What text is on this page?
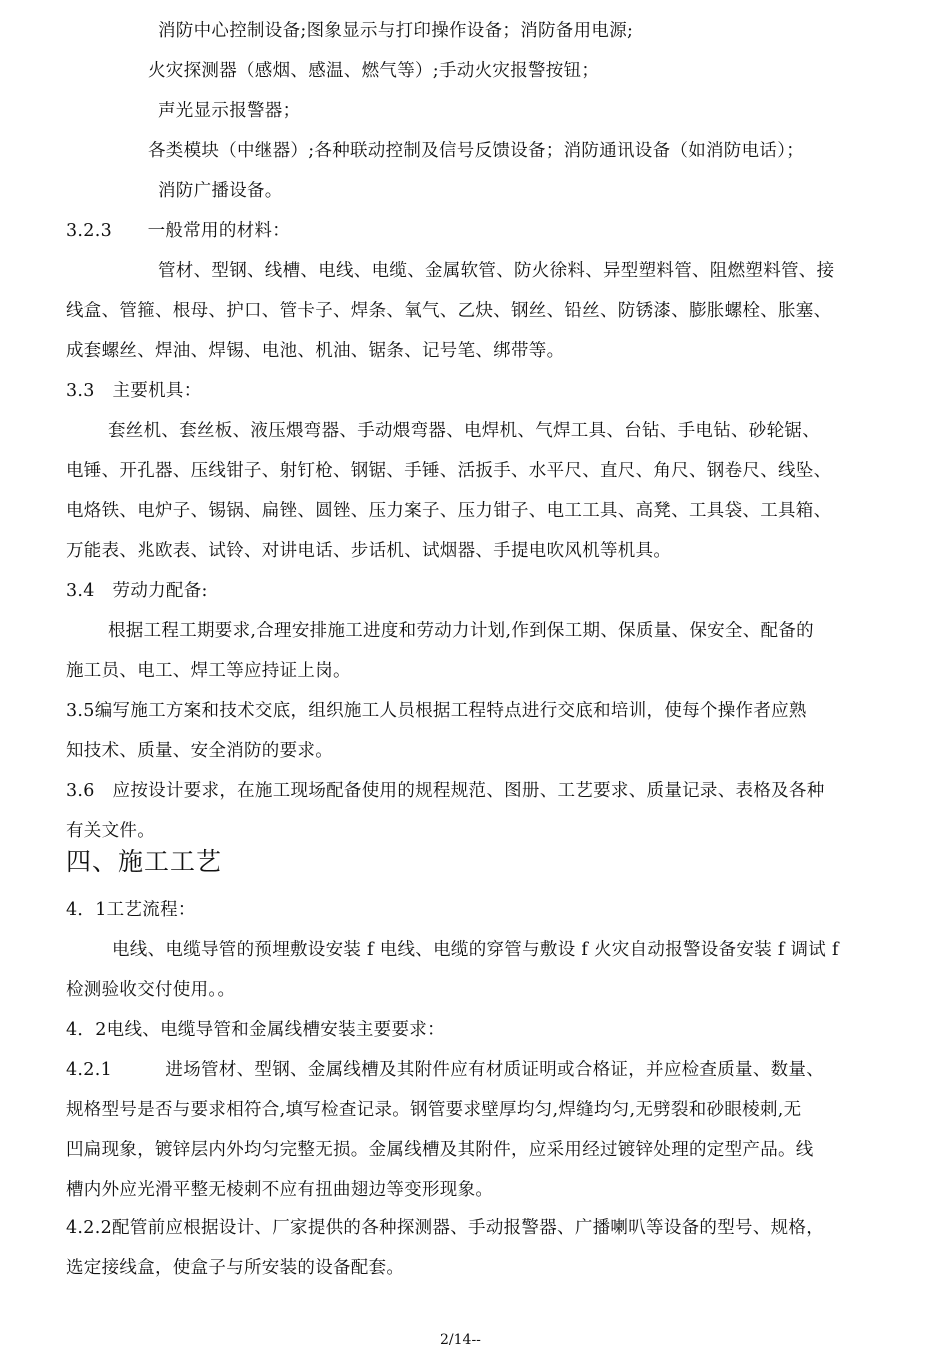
消防中心控制设备;图象显示与打印操作设备；消防备用电源;
火灾探测器（感烟、感温、燃气等）;手动火灾报警按钮；
声光显示报警器；
各类模块（中继器）;各种联动控制及信号反馈设备；消防通讯设备（如消防电话）；
消防广播设备。
3.2.3　　一般常用的材料：
管材、型钢、线槽、电线、电缆、金属软管、防火徐料、异型塑料管、阻燃塑料管、接
线盒、管箍、根母、护口、管卡子、焊条、氧气、乙炔、钢丝、铅丝、防锈漆、膨胀螺栓、胀塞、
成套螺丝、焊油、焊锡、电池、机油、锯条、记号笔、绑带等。
3.3　主要机具：
套丝机、套丝板、液压煨弯器、手动煨弯器、电焊机、气焊工具、台钻、手电钻、砂轮锯、
电锤、开孔器、压线钳子、射钉枪、钢锯、手锤、活扳手、水平尺、直尺、角尺、钢卷尺、线坠、
电烙铁、电炉子、锡锅、扁锉、圆锉、压力案子、压力钳子、电工工具、高凳、工具袋、工具箱、
万能表、兆欧表、试铃、对讲电话、步话机、试烟器、手提电吹风机等机具。
3.4　劳动力配备:
根据工程工期要求,合理安排施工进度和劳动力计划,作到保工期、保质量、保安全、配备的
施工员、电工、焊工等应持证上岗。
3.5编写施工方案和技术交底，组织施工人员根据工程特点进行交底和培训，使每个操作者应熟
知技术、质量、安全消防的要求。
3.6　应按设计要求，在施工现场配备使用的规程规范、图册、工艺要求、质量记录、表格及各种
有关文件。
四、施工工艺
4．1工艺流程：
电线、电缆导管的预埋敷设安装 f 电线、电缆的穿管与敷设 f 火灾自动报警设备安装 f 调试 f
检测验收交付使用。。
4．2电线、电缆导管和金属线槽安装主要要求：
4.2.1　　　进场管材、型钢、金属线槽及其附件应有材质证明或合格证，并应检查质量、数量、
规格型号是否与要求相符合,填写检查记录。钢管要求壁厚均匀,焊缝均匀,无劈裂和砂眼棱刺,无
凹扁现象，镀锌层内外均匀完整无损。金属线槽及其附件，应采用经过镀锌处理的定型产品。线
槽内外应光滑平整无棱刺不应有扭曲翅边等变形现象。
4.2.2配管前应根据设计、厂家提供的各种探测器、手动报警器、广播喇叭等设备的型号、规格，
选定接线盒，使盒子与所安装的设备配套。
2/14--
